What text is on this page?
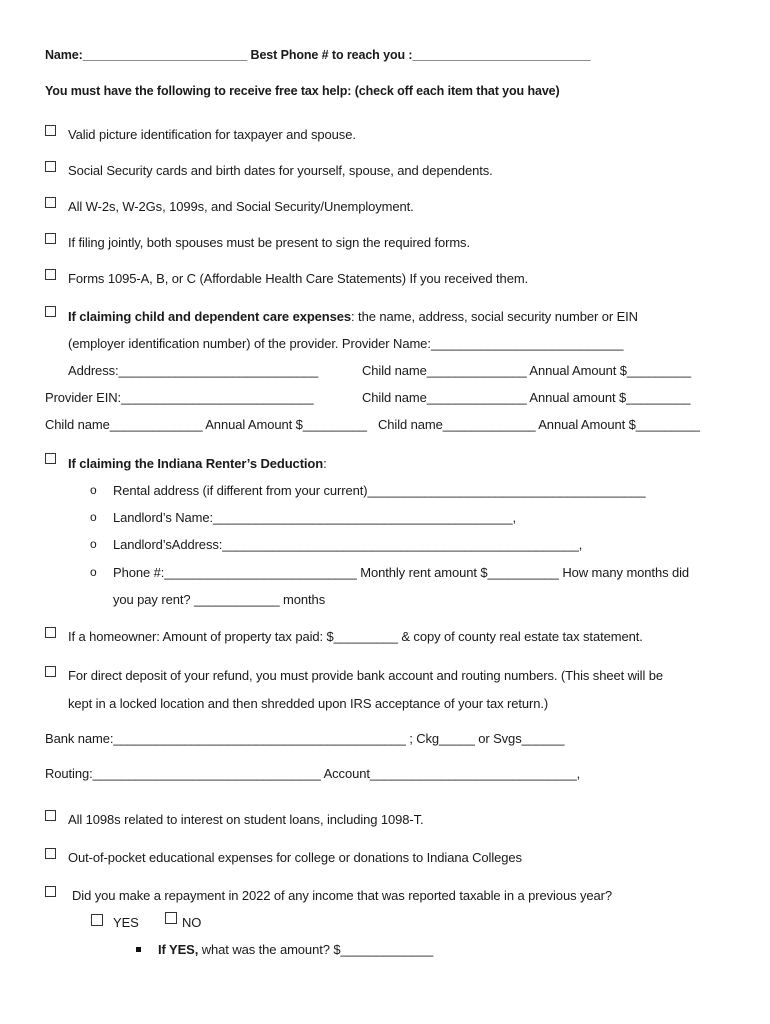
Name:________________________ Best Phone # to reach you :__________________________
You must have the following to receive free tax help: (check off each item that you have)
Valid picture identification for taxpayer and spouse.
Social Security cards and birth dates for yourself, spouse, and dependents.
All W-2s, W-2Gs, 1099s, and Social Security/Unemployment.
If filing jointly, both spouses must be present to sign the required forms.
Forms 1095-A, B, or C (Affordable Health Care Statements) If you received them.
If claiming child and dependent care expenses: the name, address, social security number or EIN
(employer identification number) of the provider. Provider Name:___________________________
Address:____________________________	Child name______________ Annual Amount $_________
Provider EIN:___________________________	Child name______________ Annual amount $_________
Child name_____________ Annual Amount $_________ Child name_____________ Annual Amount $_________
If claiming the Indiana Renter’s Deduction:
o Rental address (if different from your current)_______________________________________
o Landlord’s Name:__________________________________________,
o Landlord’sAddress:__________________________________________________,
o Phone #:___________________________ Monthly rent amount $__________ How many months did
you pay rent? ____________ months
If a homeowner: Amount of property tax paid: $_________ & copy of county real estate tax statement.
For direct deposit of your refund, you must provide bank account and routing numbers. (This sheet will be
kept in a locked location and then shredded upon IRS acceptance of your tax return.)
Bank name:_________________________________________ ; Ckg_____ or Svgs______
Routing:________________________________ Account_____________________________,
All 1098s related to interest on student loans, including 1098-T.
Out-of-pocket educational expenses for college or donations to Indiana Colleges
Did you make a repayment in 2022 of any income that was reported taxable in a previous year?
YES	NO
If YES, what was the amount? $_____________
